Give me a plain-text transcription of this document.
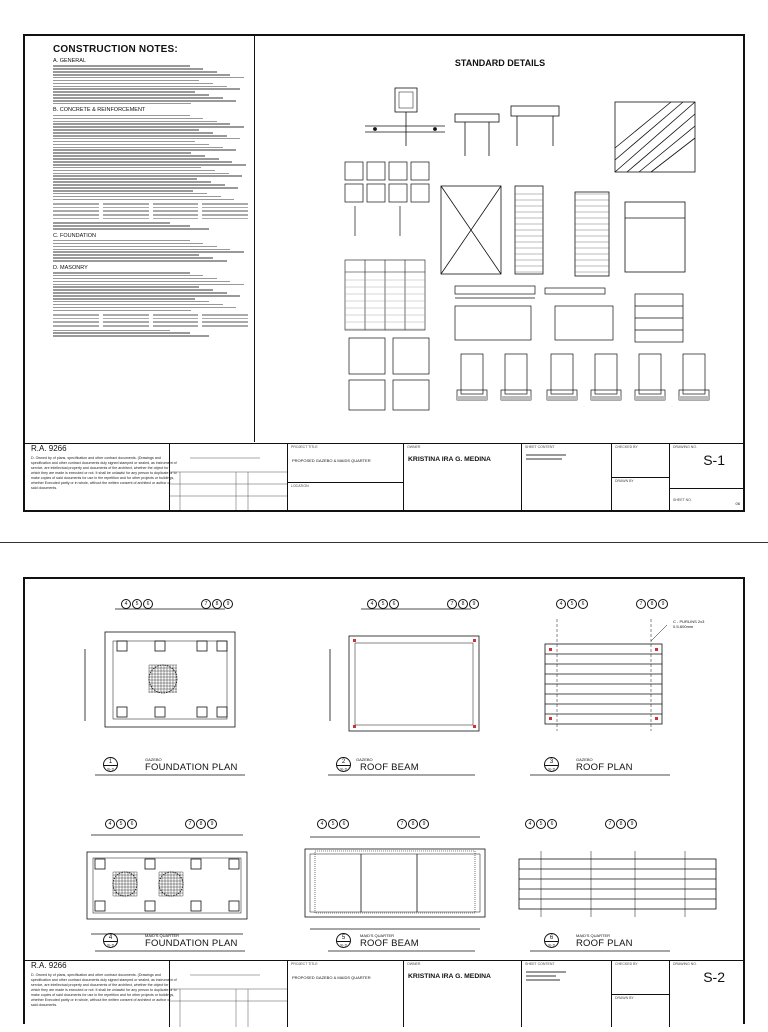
CONSTRUCTION NOTES:
A. GENERAL
B. CONCRETE & REINFORCEMENT
C. FOUNDATION
D. MASONRY
STANDARD DETAILS
R.A. 9266
D. Owned by of plans, specification and other contract documents. (Drawings and specification and other contract documents duly signed stamped or sealed, as instrument of service, are intellectual property and documents of the architect, whether the object for which they are made is executed or not. It shall be unlawful for any person to duplicate or to make copies of said documents for use in the repetition and for other projects or buildings, whether Executed partly or in whole, without the written consent of architect or author or said documents.
PROJECT TITLE
PROPOSED GAZEBO & MAIDS QUARTER
LOCATION
OWNER
KRISTINA IRA G. MEDINA
SHEET CONTENT	CHECKED BY
DRAWN BY
DRAWING NO.
S-1
SHEET NO.
06
4	5	6	7	8	9	4	5	6	7	8	9	4	5	6	7	8	9
4	5	6	7	8	9	4	5	6	7	8	9	4	5	6	7	8	9
C - PURLINS 2x3
0.5-600mm
1
S-2
GAZEBO
FOUNDATION PLAN
2
S-2
GAZEBO
ROOF BEAM
3
S-2
GAZEBO
ROOF PLAN
4
S-2
MAID'S QUARTER
FOUNDATION PLAN
5
S-2
MAID'S QUARTER
ROOF BEAM
6
S-2
MAID'S QUARTER
ROOF PLAN
R.A. 9266
D. Owned by of plans, specification and other contract documents. (Drawings and specification and other contract documents duly signed stamped or sealed, as instrument of service, are intellectual property and documents of the architect, whether the object for which they are made is executed or not. It shall be unlawful for any person to duplicate or to make copies of said documents for use in the repetition and for other projects or buildings, whether Executed partly or in whole, without the written consent of architect or author or said documents.
PROJECT TITLE
PROPOSED GAZEBO & MAIDS QUARTER
OWNER
KRISTINA IRA G. MEDINA
SHEET CONTENT	CHECKED BY
DRAWN BY
DRAWING NO.
S-2
